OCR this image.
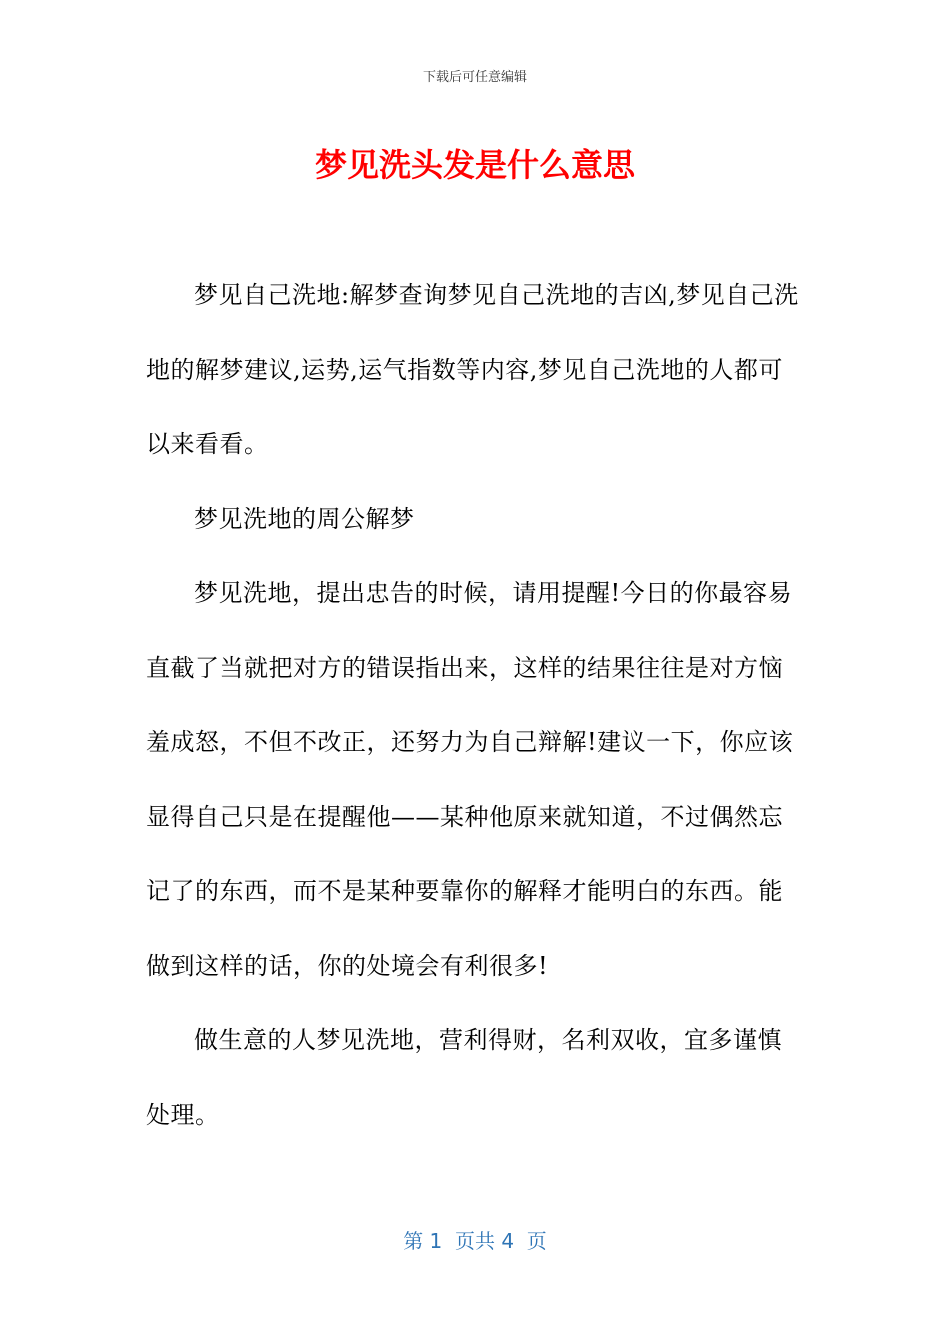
下载后可任意编辑
梦见洗头发是什么意思

梦见自己洗地:解梦查询梦见自己洗地的吉凶,梦见自己洗地的解梦建议,运势,运气指数等内容,梦见自己洗地的人都可以来看看。

梦见洗地的周公解梦

梦见洗地，提出忠告的时候，请用提醒!今日的你最容易直截了当就把对方的错误指出来，这样的结果往往是对方恼羞成怒，不但不改正，还努力为自己辩解!建议一下，你应该显得自己只是在提醒他——某种他原来就知道，不过偶然忘记了的东西，而不是某种要靠你的解释才能明白的东西。能做到这样的话，你的处境会有利很多!

做生意的人梦见洗地，营利得财，名利双收，宜多谨慎处理。

第 1  页共 4  页
